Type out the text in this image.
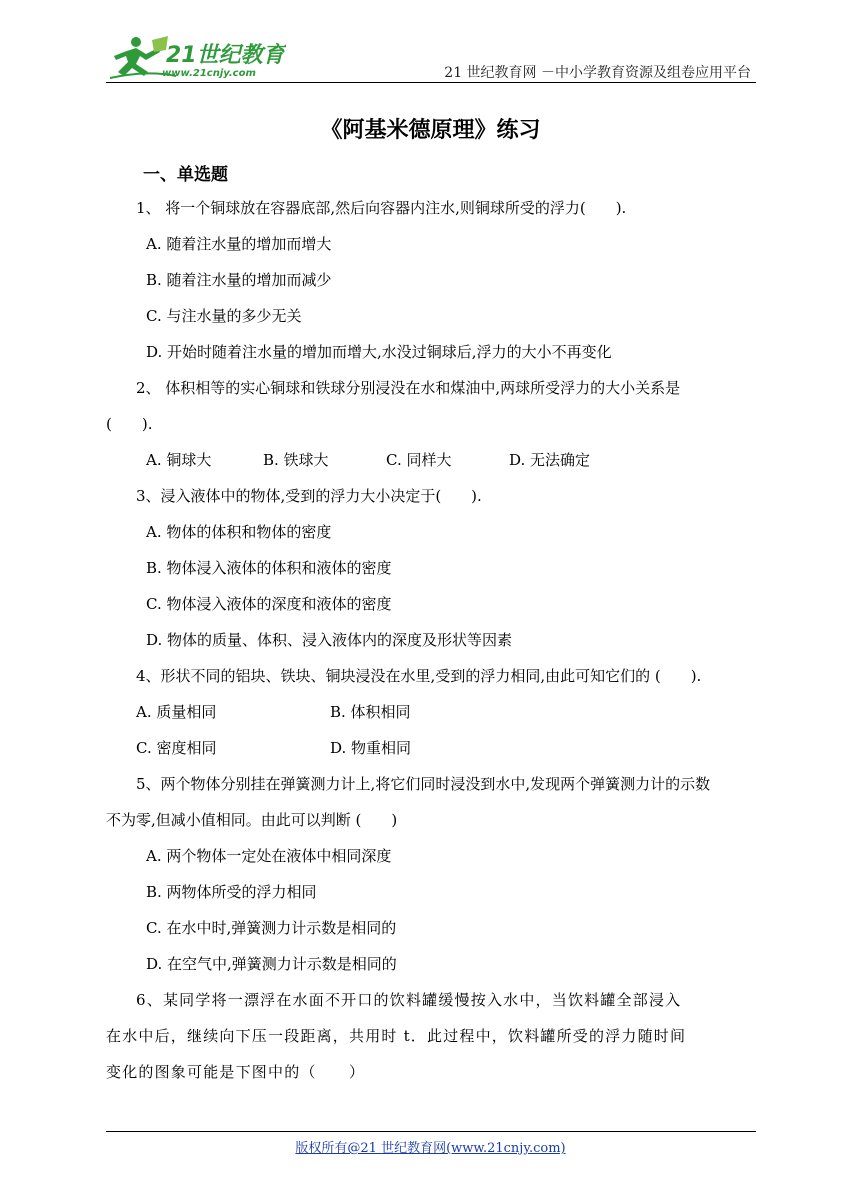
21世纪教育
www.21cnjy.com	21 世纪教育网 －中小学教育资源及组卷应用平台
《阿基米德原理》练习
一、单选题
1、 将一个铜球放在容器底部,然后向容器内注水,则铜球所受的浮力(　　).
A. 随着注水量的增加而增大
B. 随着注水量的增加而减少
C. 与注水量的多少无关
D. 开始时随着注水量的增加而增大,水没过铜球后,浮力的大小不再变化
2、 体积相等的实心铜球和铁球分别浸没在水和煤油中,两球所受浮力的大小关系是
(　　).
A. 铜球大	B. 铁球大	C. 同样大	D. 无法确定
3、浸入液体中的物体,受到的浮力大小决定于(　　).
A. 物体的体积和物体的密度
B. 物体浸入液体的体积和液体的密度
C. 物体浸入液体的深度和液体的密度
D. 物体的质量、体积、浸入液体内的深度及形状等因素
4、形状不同的铝块、铁块、铜块浸没在水里,受到的浮力相同,由此可知它们的 (　　).
A. 质量相同	B. 体积相同
C. 密度相同	D. 物重相同
5、两个物体分别挂在弹簧测力计上,将它们同时浸没到水中,发现两个弹簧测力计的示数
不为零,但减小值相同。由此可以判断 (　　)
A. 两个物体一定处在液体中相同深度
B. 两物体所受的浮力相同
C. 在水中时,弹簧测力计示数是相同的
D. 在空气中,弹簧测力计示数是相同的
6、某同学将一漂浮在水面不开口的饮料罐缓慢按入水中，当饮料罐全部浸入
在水中后，继续向下压一段距离，共用时 t．此过程中，饮料罐所受的浮力随时间
变化的图象可能是下图中的（　　）
版权所有@21 世纪教育网(www.21cnjy.com)
